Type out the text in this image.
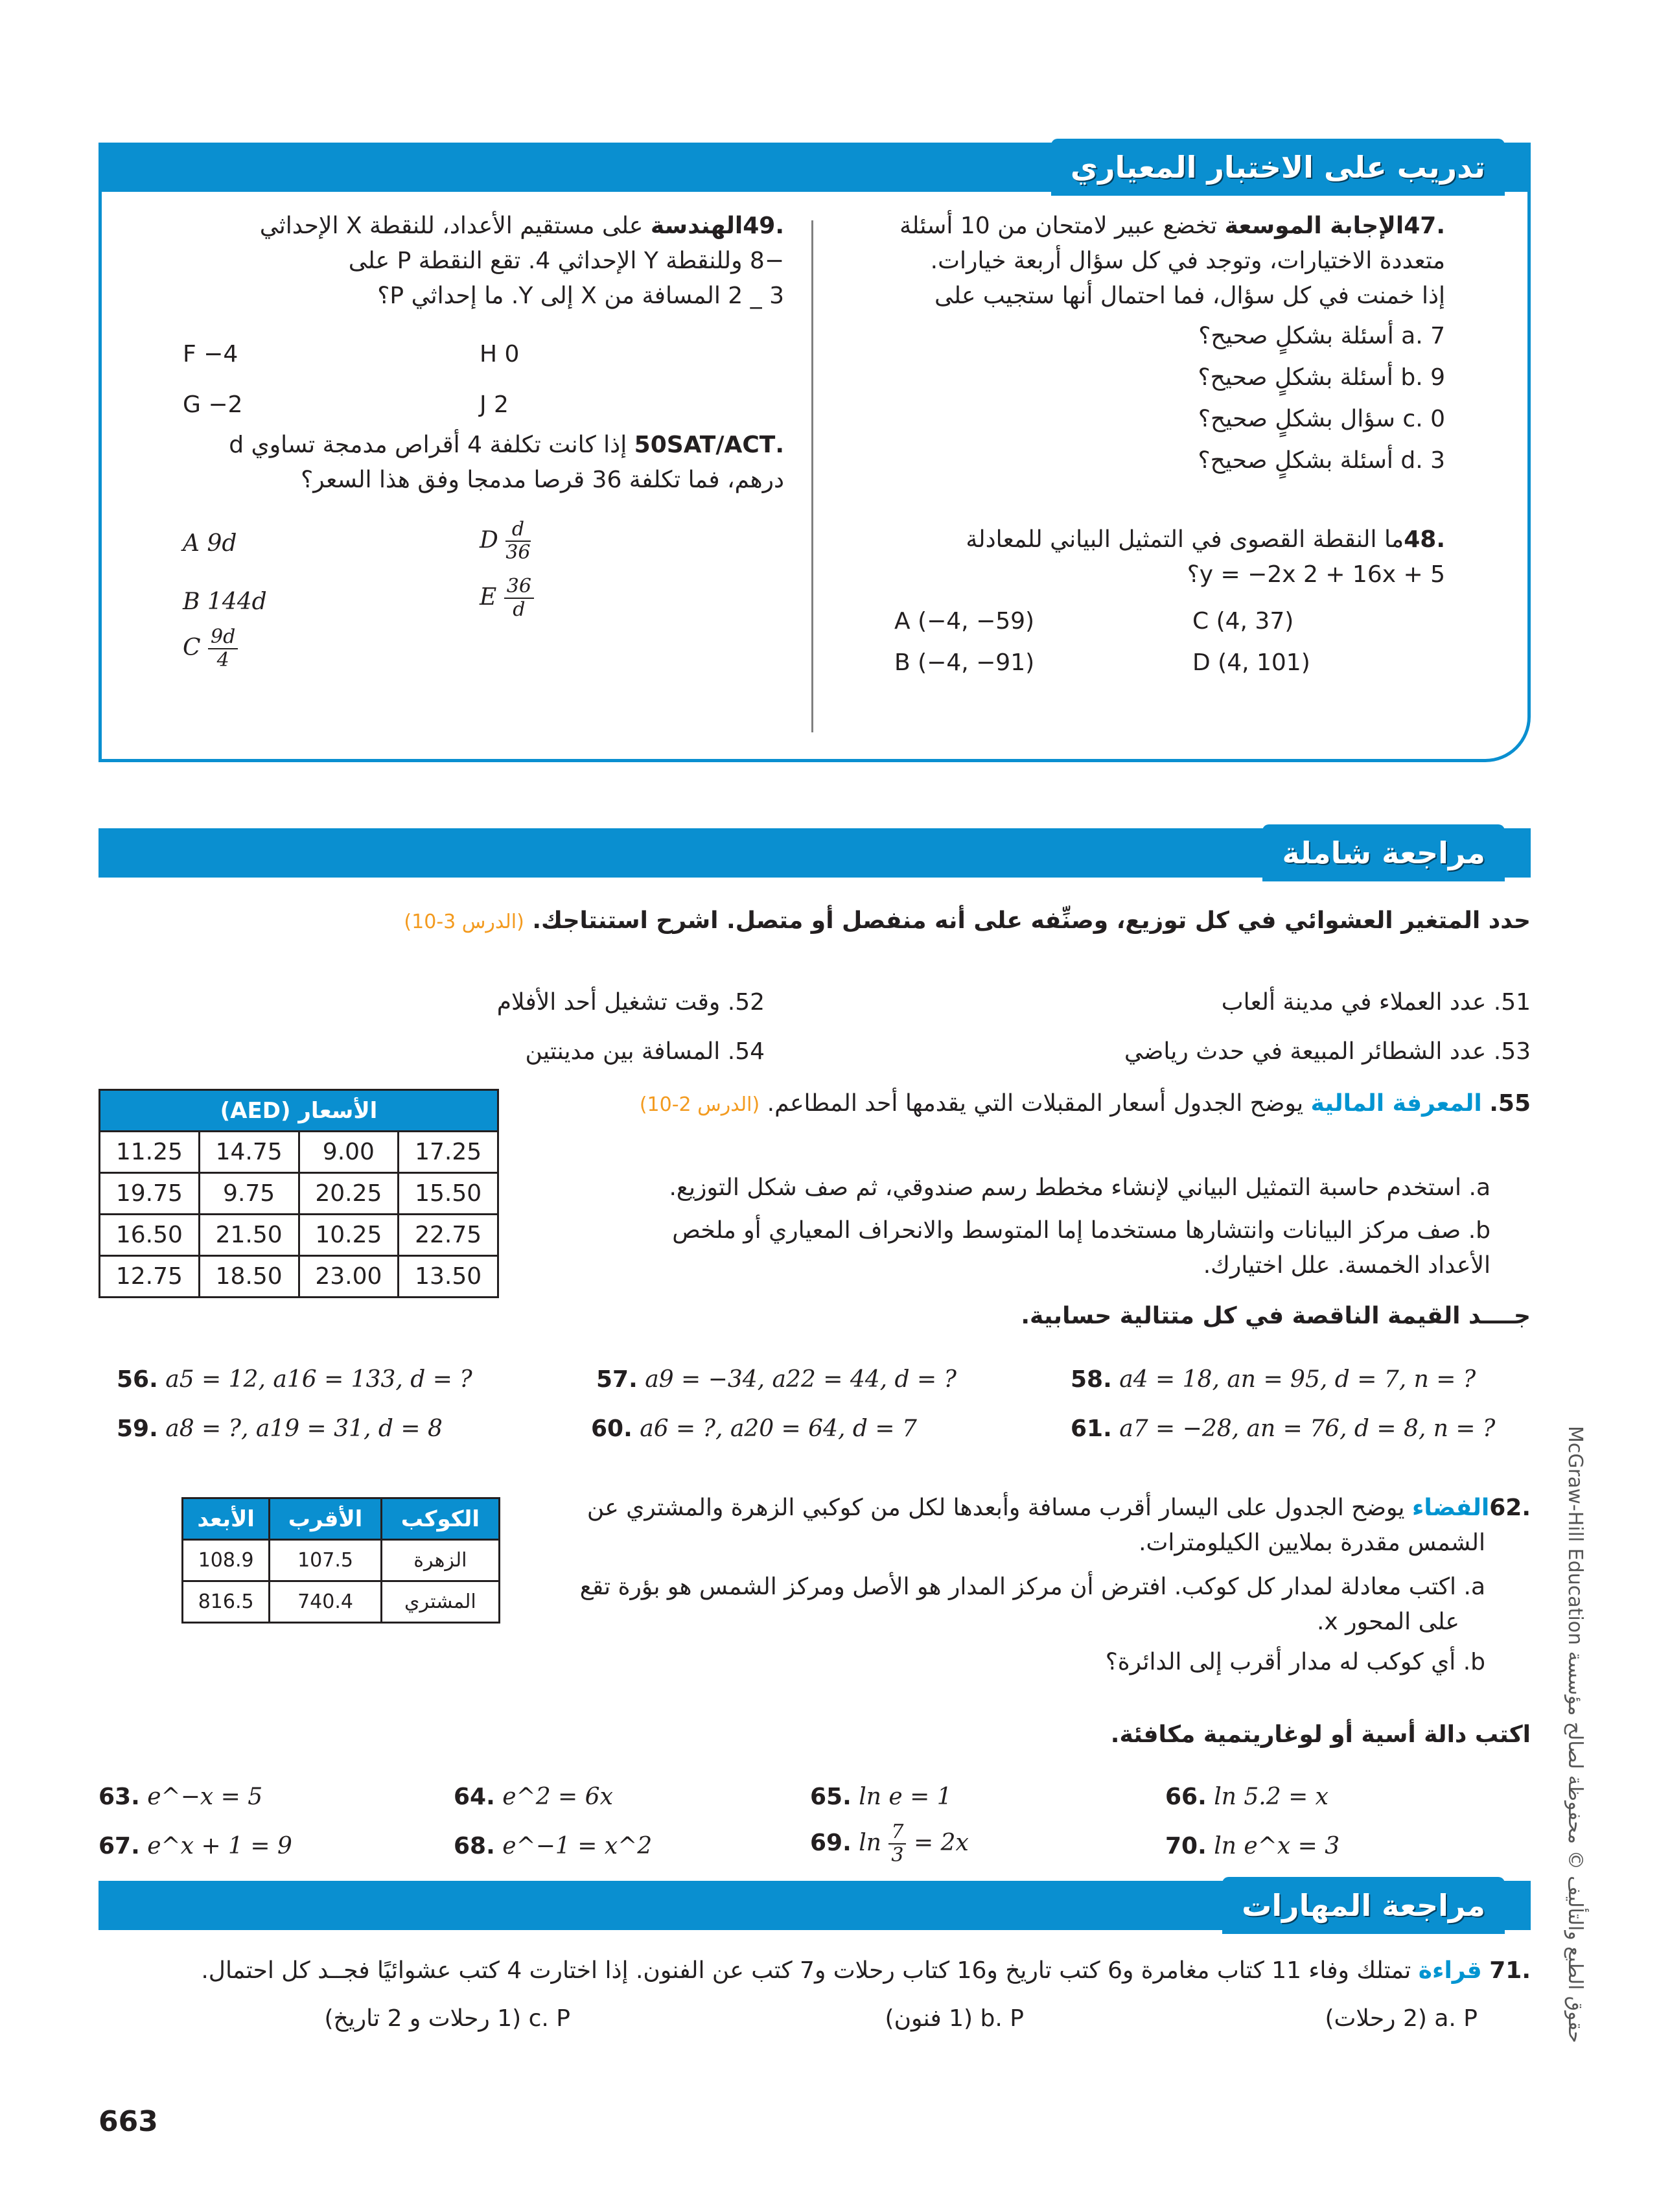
تدريب على الاختبار المعياري
.47الإجابة الموسعة تخضع عبير لامتحان من 10 أسئلة
متعددة الاختيارات، وتوجد في كل سؤال أربعة خيارات.
إذا خمنت في كل سؤال، فما احتمال أنها ستجيب على
a. 7 أسئلة بشكلٍ صحيح؟
b. 9 أسئلة بشكلٍ صحيح؟
c. 0 سؤال بشكلٍ صحيح؟
d. 3 أسئلة بشكلٍ صحيح؟
.48ما النقطة القصوى في التمثيل البياني للمعادلة
y = −2x 2 + 16x + 5؟
A (−4, −59)
B (−4, −91)
C (4, 37)
D (4, 101)
.49الهندسة على مستقيم الأعداد، للنقطة X الإحداثي
−8 وللنقطة Y الإحداثي 4. تقع النقطة P على
3 _ 2 المسافة من X إلى Y. ما إحداثي P؟
F −4
G −2
H 0
J 2
.50SAT/ACT إذا كانت تكلفة 4 أقراص مدمجة تساوي d
درهم، فما تكلفة 36 قرصا مدمجا وفق هذا السعر؟
A 9d
B 144d
C $\frac{9d}{4}$
D $\frac{d}{36}$
E $\frac{36}{d}$
مراجعة شاملة
حدد المتغير العشوائي في كل توزيع، وصنِّفه على أنه منفصل أو متصل. اشرح استنتاجك. (الدرس 3-10)
51. عدد العملاء في مدينة ألعاب
52. وقت تشغيل أحد الأفلام
53. عدد الشطائر المبيعة في حدث رياضي
54. المسافة بين مدينتين
55. المعرفة المالية يوضح الجدول أسعار المقبلات التي يقدمها أحد المطاعم. (الدرس 2-10)
a. استخدم حاسبة التمثيل البياني لإنشاء مخطط رسم صندوقي، ثم صف شكل التوزيع.
b. صف مركز البيانات وانتشارها مستخدما إما المتوسط والانحراف المعياري أو ملخص
الأعداد الخمسة. علل اختيارك.
الأسعار (AED)			
11.25	14.75	9.00	17.25
19.75	9.75	20.25	15.50
16.50	21.50	10.25	22.75
12.75	18.50	23.00	13.50
جــــد القيمة الناقصة في كل متتالية حسابية.
56. a5 = 12, a16 = 133, d = ?	57. a9 = −34, a22 = 44, d = ?	58. a4 = 18, an = 95, d = 7, n = ?
59. a8 = ?, a19 = 31, d = 8	60. a6 = ?, a20 = 64, d = 7	61. a7 = −28, an = 76, d = 8, n = ?
.62الفضاء يوضح الجدول على اليسار أقرب مسافة وأبعدها لكل من كوكبي الزهرة والمشتري عن
الشمس مقدرة بملايين الكيلومترات.
a. اكتب معادلة لمدار كل كوكب. افترض أن مركز المدار هو الأصل ومركز الشمس هو بؤرة تقع
على المحور x.
b. أي كوكب له مدار أقرب إلى الدائرة؟
الكوكب	الأقرب	الأبعد
الزهرة	107.5	108.9
المشتري	740.4	816.5
اكتب دالة أسية أو لوغاريتمية مكافئة.
63. e^−x = 5	64. e^2 = 6x	65. ln e = 1	66. ln 5.2 = x
67. e^x + 1 = 9	68. e^−1 = x^2	69. $\ln \frac{7}{3} = 2x$	70. ln e^x = 3
مراجعة المهارات
.71 قراءة تمتلك وفاء 11 كتاب مغامرة و6 كتب تاريخ و16 كتاب رحلات و7 كتب عن الفنون. إذا اختارت 4 كتب عشوائيًا فجــد كل احتمال.
a. P (2 رحلات)
b. P (1 فنون)
c. P (1 رحلات و 2 تاريخ)
663
حقوق الطبع والتأليف © محفوظة لصالح مؤسسة McGraw-Hill Education
